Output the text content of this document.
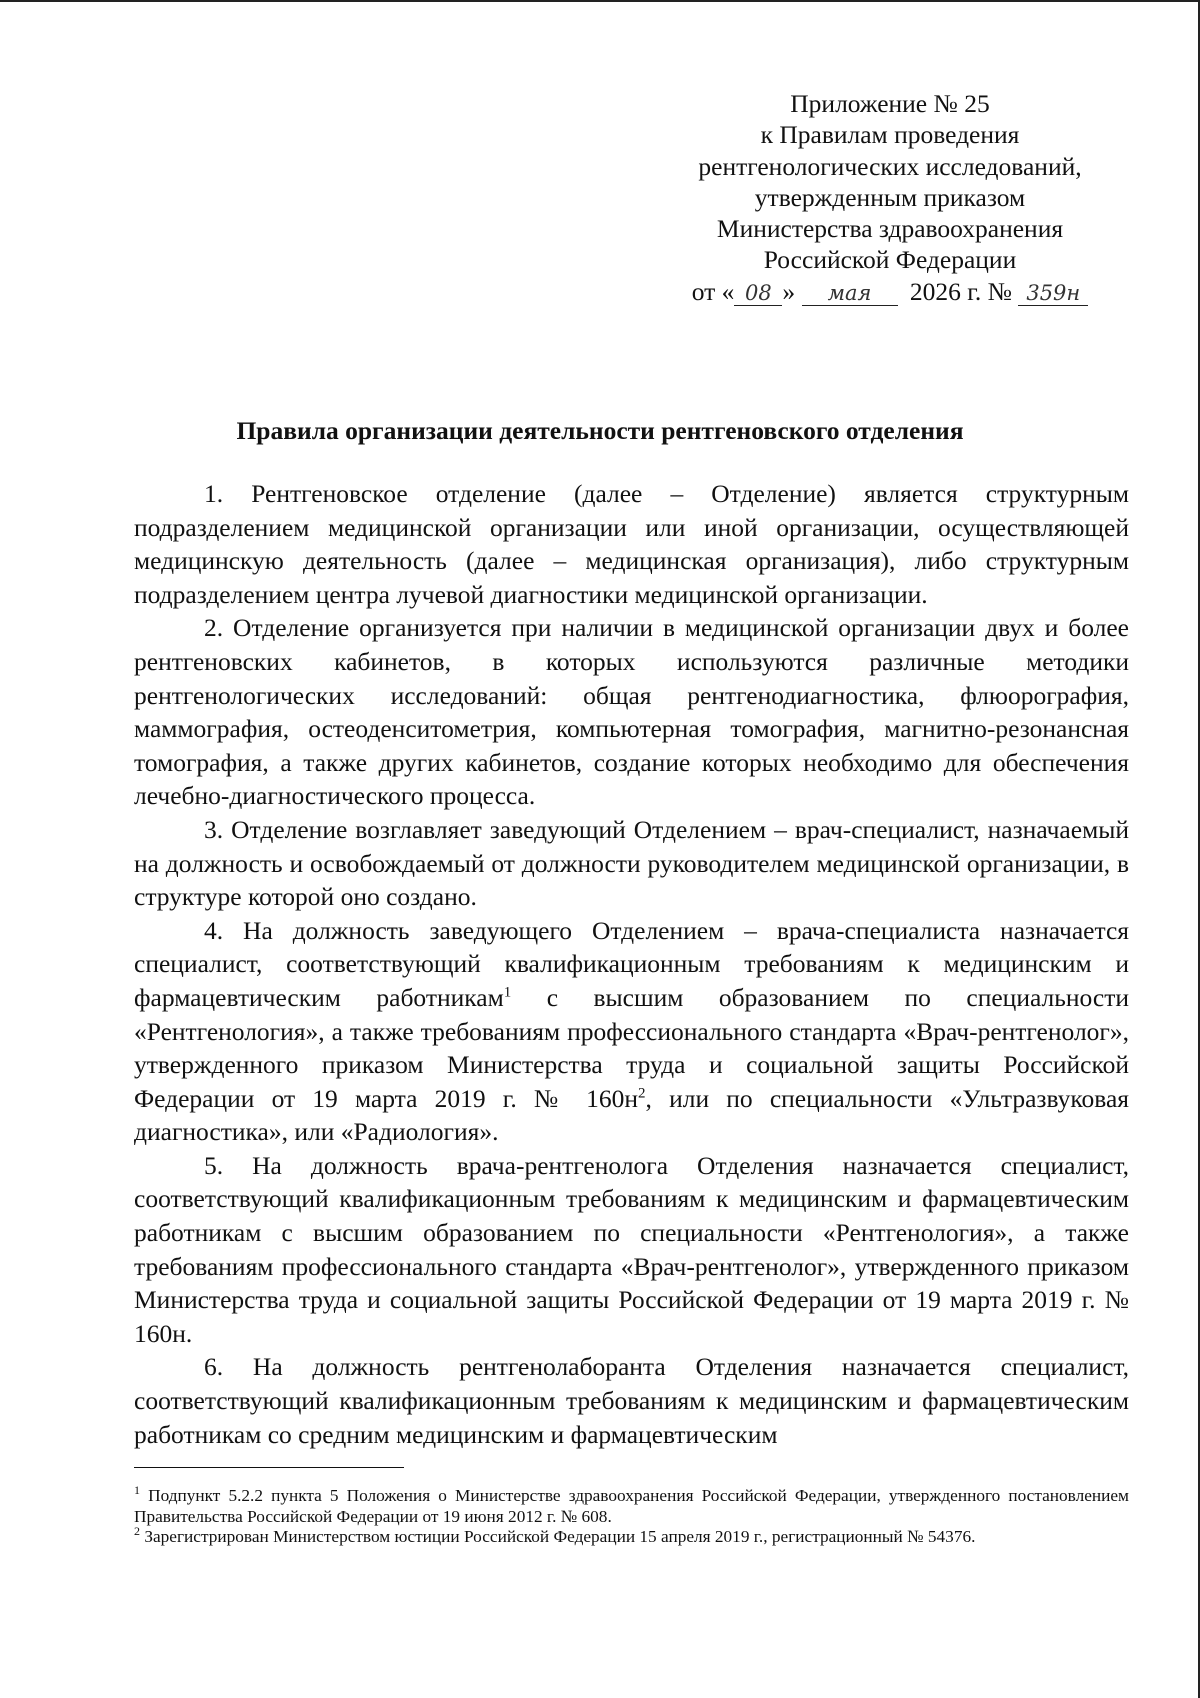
Приложение № 25
к Правилам проведения
рентгенологических исследований,
утвержденным приказом
Министерства здравоохранения
Российской Федерации
от « 08 » мая 2026 г. № 359н
Правила организации деятельности рентгеновского отделения

1. Рентгеновское отделение (далее – Отделение) является структурным подразделением медицинской организации или иной организации, осуществляющей медицинскую деятельность (далее – медицинская организация), либо структурным подразделением центра лучевой диагностики медицинской организации.

2. Отделение организуется при наличии в медицинской организации двух и более рентгеновских кабинетов, в которых используются различные методики рентгенологических исследований: общая рентгенодиагностика, флюорография, маммография, остеоденситометрия, компьютерная томография, магнитно-резонансная томография, а также других кабинетов, создание которых необходимо для обеспечения лечебно-диагностического процесса.

3. Отделение возглавляет заведующий Отделением – врач-специалист, назначаемый на должность и освобождаемый от должности руководителем медицинской организации, в структуре которой оно создано.

4. На должность заведующего Отделением – врача-специалиста назначается специалист, соответствующий квалификационным требованиям к медицинским и фармацевтическим работникам$^1$ с высшим образованием по специальности «Рентгенология», а также требованиям профессионального стандарта «Врач-рентгенолог», утвержденного приказом Министерства труда и социальной защиты Российской Федерации от 19 марта 2019 г. № $160н^2$, или по специальности «Ультразвуковая диагностика», или «Радиология».

5. На должность врача-рентгенолога Отделения назначается специалист, соответствующий квалификационным требованиям к медицинским и фармацевтическим работникам с высшим образованием по специальности «Рентгенология», а также требованиям профессионального стандарта «Врач-рентгенолог», утвержденного приказом Министерства труда и социальной защиты Российской Федерации от 19 марта 2019 г. № 160н.

6. На должность рентгенолаборанта Отделения назначается специалист, соответствующий квалификационным требованиям к медицинским и фармацевтическим работникам со средним медицинским и фармацевтическим

$^1$ Подпункт 5.2.2 пункта 5 Положения о Министерстве здравоохранения Российской Федерации, утвержденного постановлением Правительства Российской Федерации от 19 июня 2012 г. № 608.

$^2$ Зарегистрирован Министерством юстиции Российской Федерации 15 апреля 2019 г., регистрационный № 54376.
